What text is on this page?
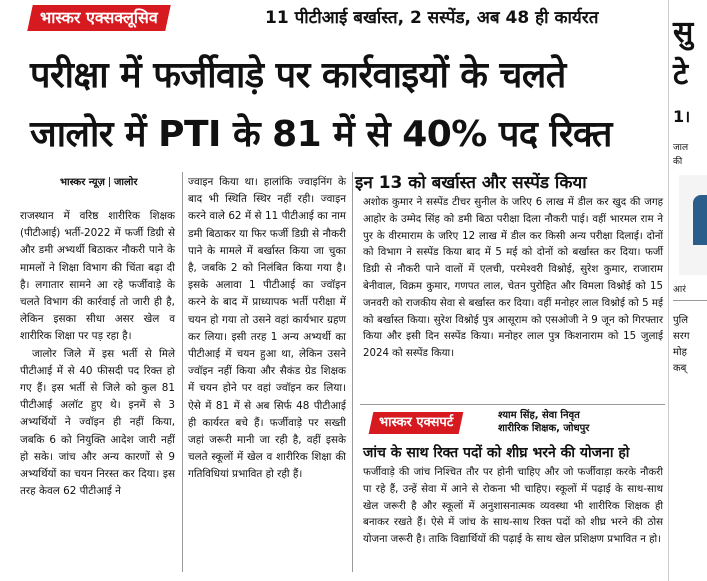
भास्कर एक्सक्लूसिव	11 पीटीआई बर्खास्त, 2 सस्पेंड, अब 48 ही कार्यरत
परीक्षा में फर्जीवाड़े पर कार्रवाइयों के चलते
जालोर में PTI के 81 में से 40% पद रिक्त
भास्कर न्यूज़ जालोर

राजस्थान में वरिष्ठ शारीरिक शिक्षक (पीटीआई) भर्ती-2022 में फर्जी डिग्री से और डमी अभ्यर्थी बिठाकर नौकरी पाने के मामलों ने शिक्षा विभाग की चिंता बढ़ा दी है। लगातार सामने आ रहे फर्जीवाड़े के चलते विभाग की कार्रवाई तो जारी ही है, लेकिन इसका सीधा असर खेल व शारीरिक शिक्षा पर पड़ रहा है।

जालोर जिले में इस भर्ती से मिले पीटीआई में से 40 फीसदी पद रिक्त हो गए हैं। इस भर्ती से जिले को कुल 81 पीटीआई अलॉट हुए थे। इनमें से 3 अभ्यर्थियों ने ज्वॉइन ही नहीं किया, जबकि 6 को नियुक्ति आदेश जारी नहीं हो सके। जांच और अन्य कारणों से 9 अभ्यर्थियों का चयन निरस्त कर दिया। इस तरह केवल 62 पीटीआई ने

ज्वाइन किया था। हालांकि ज्वाइनिंग के बाद भी स्थिति स्थिर नहीं रही। ज्वाइन करने वाले 62 में से 11 पीटीआई का नाम डमी बिठाकर या फिर फर्जी डिग्री से नौकरी पाने के मामले में बर्खास्त किया जा चुका है, जबकि 2 को निलंबित किया गया है। इसके अलावा 1 पीटीआई का ज्वॉइन करने के बाद में प्राध्यापक भर्ती परीक्षा में चयन हो गया तो उसने वहां कार्यभार ग्रहण कर लिया। इसी तरह 1 अन्य अभ्यर्थी का पीटीआई में चयन हुआ था, लेकिन उसने ज्वॉइन नहीं किया और सैकंड ग्रेड शिक्षक में चयन होने पर वहां ज्वॉइन कर लिया। ऐसे में 81 में से अब सिर्फ 48 पीटीआई ही कार्यरत बचे हैं। फर्जीवाड़े पर सख्ती जहां जरूरी मानी जा रही है, वहीं इसके चलते स्कूलों में खेल व शारीरिक शिक्षा की गतिविधियां प्रभावित हो रही हैं।

इन 13 को बर्खास्त और सस्पेंड किया
अशोक कुमार ने सस्पेंड टीचर सुनील के जरिए 6 लाख में डील कर खुद की जगह आहोर के उम्मेद सिंह को डमी बिठा परीक्षा दिला नौकरी पाई। वहीं भारमल राम ने पुर के वीरमाराम के जरिए 12 लाख में डील कर किसी अन्य परीक्षा दिलाई। दोनों को विभाग ने सस्पेंड किया बाद में 5 मई को दोनों को बर्खास्त कर दिया। फर्जी डिग्री से नौकरी पाने वालों में एलची, परमेश्वरी विश्नोई, सुरेश कुमार, राजाराम बेनीवाल, विक्रम कुमार, गणपत लाल, चेतन पुरोहित और विमला विश्नोई को 15 जनवरी को राजकीय सेवा से बर्खास्त कर दिया। वहीं मनोहर लाल विश्नोई को 5 मई को बर्खास्त किया। सुरेश विश्नोई पुत्र आसूराम को एसओजी ने 9 जून को गिरफ्तार किया और इसी दिन सस्पेंड किया। मनोहर लाल पुत्र किशनाराम को 15 जुलाई 2024 को सस्पेंड किया।
भास्कर एक्सपर्ट	श्याम सिंह, सेवा निवृत
शारीरिक शिक्षक, जोधपुर
जांच के साथ रिक्त पदों को शीघ्र भरने की योजना हो
फर्जीवाड़े की जांच निश्चित तौर पर होनी चाहिए और जो फर्जीवाड़ा करके नौकरी पा रहे हैं, उन्हें सेवा में आने से रोकना भी चाहिए। स्कूलों में पढ़ाई के साथ-साथ खेल जरूरी है और स्कूलों में अनुशासनात्मक व्यवस्था भी शारीरिक शिक्षक ही बनाकर रखते हैं। ऐसे में जांच के साथ-साथ रिक्त पदों को शीघ्र भरने की ठोस योजना जरूरी है। ताकि विद्यार्थियों की पढ़ाई के साथ खेल प्रशिक्षण प्रभावित न हो।
सु
टे
1।
जाल
की
आरं
पुलि
सरग
मोह
कब्
